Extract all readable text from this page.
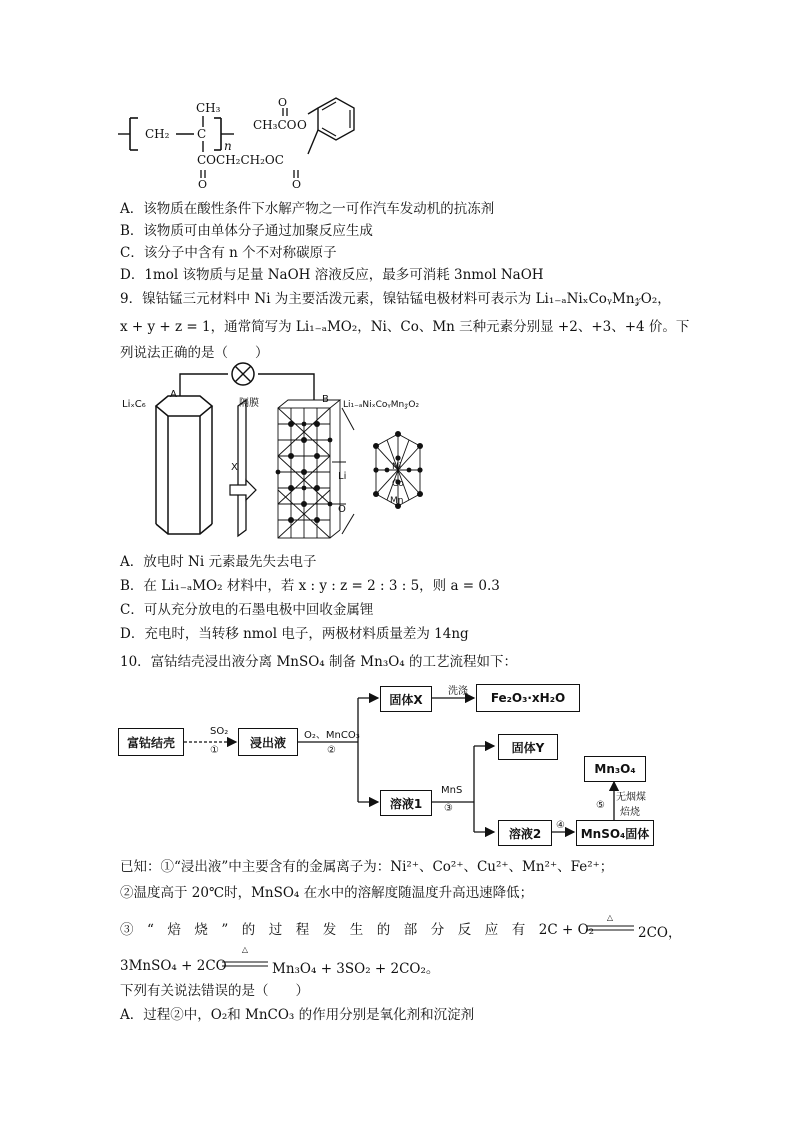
CH₃	O
CH₃CO O
CH₂ C
n
COCH₂CH₂OC
O	O
A．该物质在酸性条件下水解产物之一可作汽车发动机的抗冻剂
B．该物质可由单体分子通过加聚反应生成
C．该分子中含有 n 个不对称碳原子
D．1mol 该物质与足量 NaOH 溶液反应，最多可消耗 3nmol NaOH
9．镍钴锰三元材料中 Ni 为主要活泼元素，镍钴锰电极材料可表示为 Li₁₋ₐNiₓCoᵧMn𝓏O₂，
x + y + z = 1，通常简写为 Li₁₋ₐMO₂，Ni、Co、Mn 三种元素分别显 +2、+3、+4 价。下
列说法正确的是（　　）
LiₓC₆
A
隔膜	B Li₁₋ₐNiₓCoᵧMn𝓏O₂
X
Li
O
Ni
Co
Mn
A．放电时 Ni 元素最先失去电子
B．在 Li₁₋ₐMO₂ 材料中，若 x : y : z = 2 : 3 : 5，则 a = 0.3
C．可从充分放电的石墨电极中回收金属锂
D．充电时，当转移 nmol 电子，两极材料质量差为 14ng
10．富钴结壳浸出液分离 MnSO₄ 制备 Mn₃O₄ 的工艺流程如下：
富钴结壳
SO₂
①
浸出液	O₂、MnCO₃
②
固体X
洗涤	Fe₂O₃·xH₂O
溶液1
MnS
③
固体Y
溶液2
④
MnSO₄固体
⑤
无烟煤
焙烧
Mn₃O₄
已知：①“浸出液”中主要含有的金属离子为：Ni²⁺、Co²⁺、Cu²⁺、Mn²⁺、Fe²⁺；
②温度高于 20℃时，MnSO₄ 在水中的溶解度随温度升高迅速降低；
③　“　焙　烧　”　的　过　程　发　生　的　部　分　反　应　有　2C + O₂
△
2CO，
3MnSO₄ + 2CO
△
Mn₃O₄ + 3SO₂ + 2CO₂。
下列有关说法错误的是（　　）
A．过程②中，O₂和 MnCO₃ 的作用分别是氧化剂和沉淀剂
